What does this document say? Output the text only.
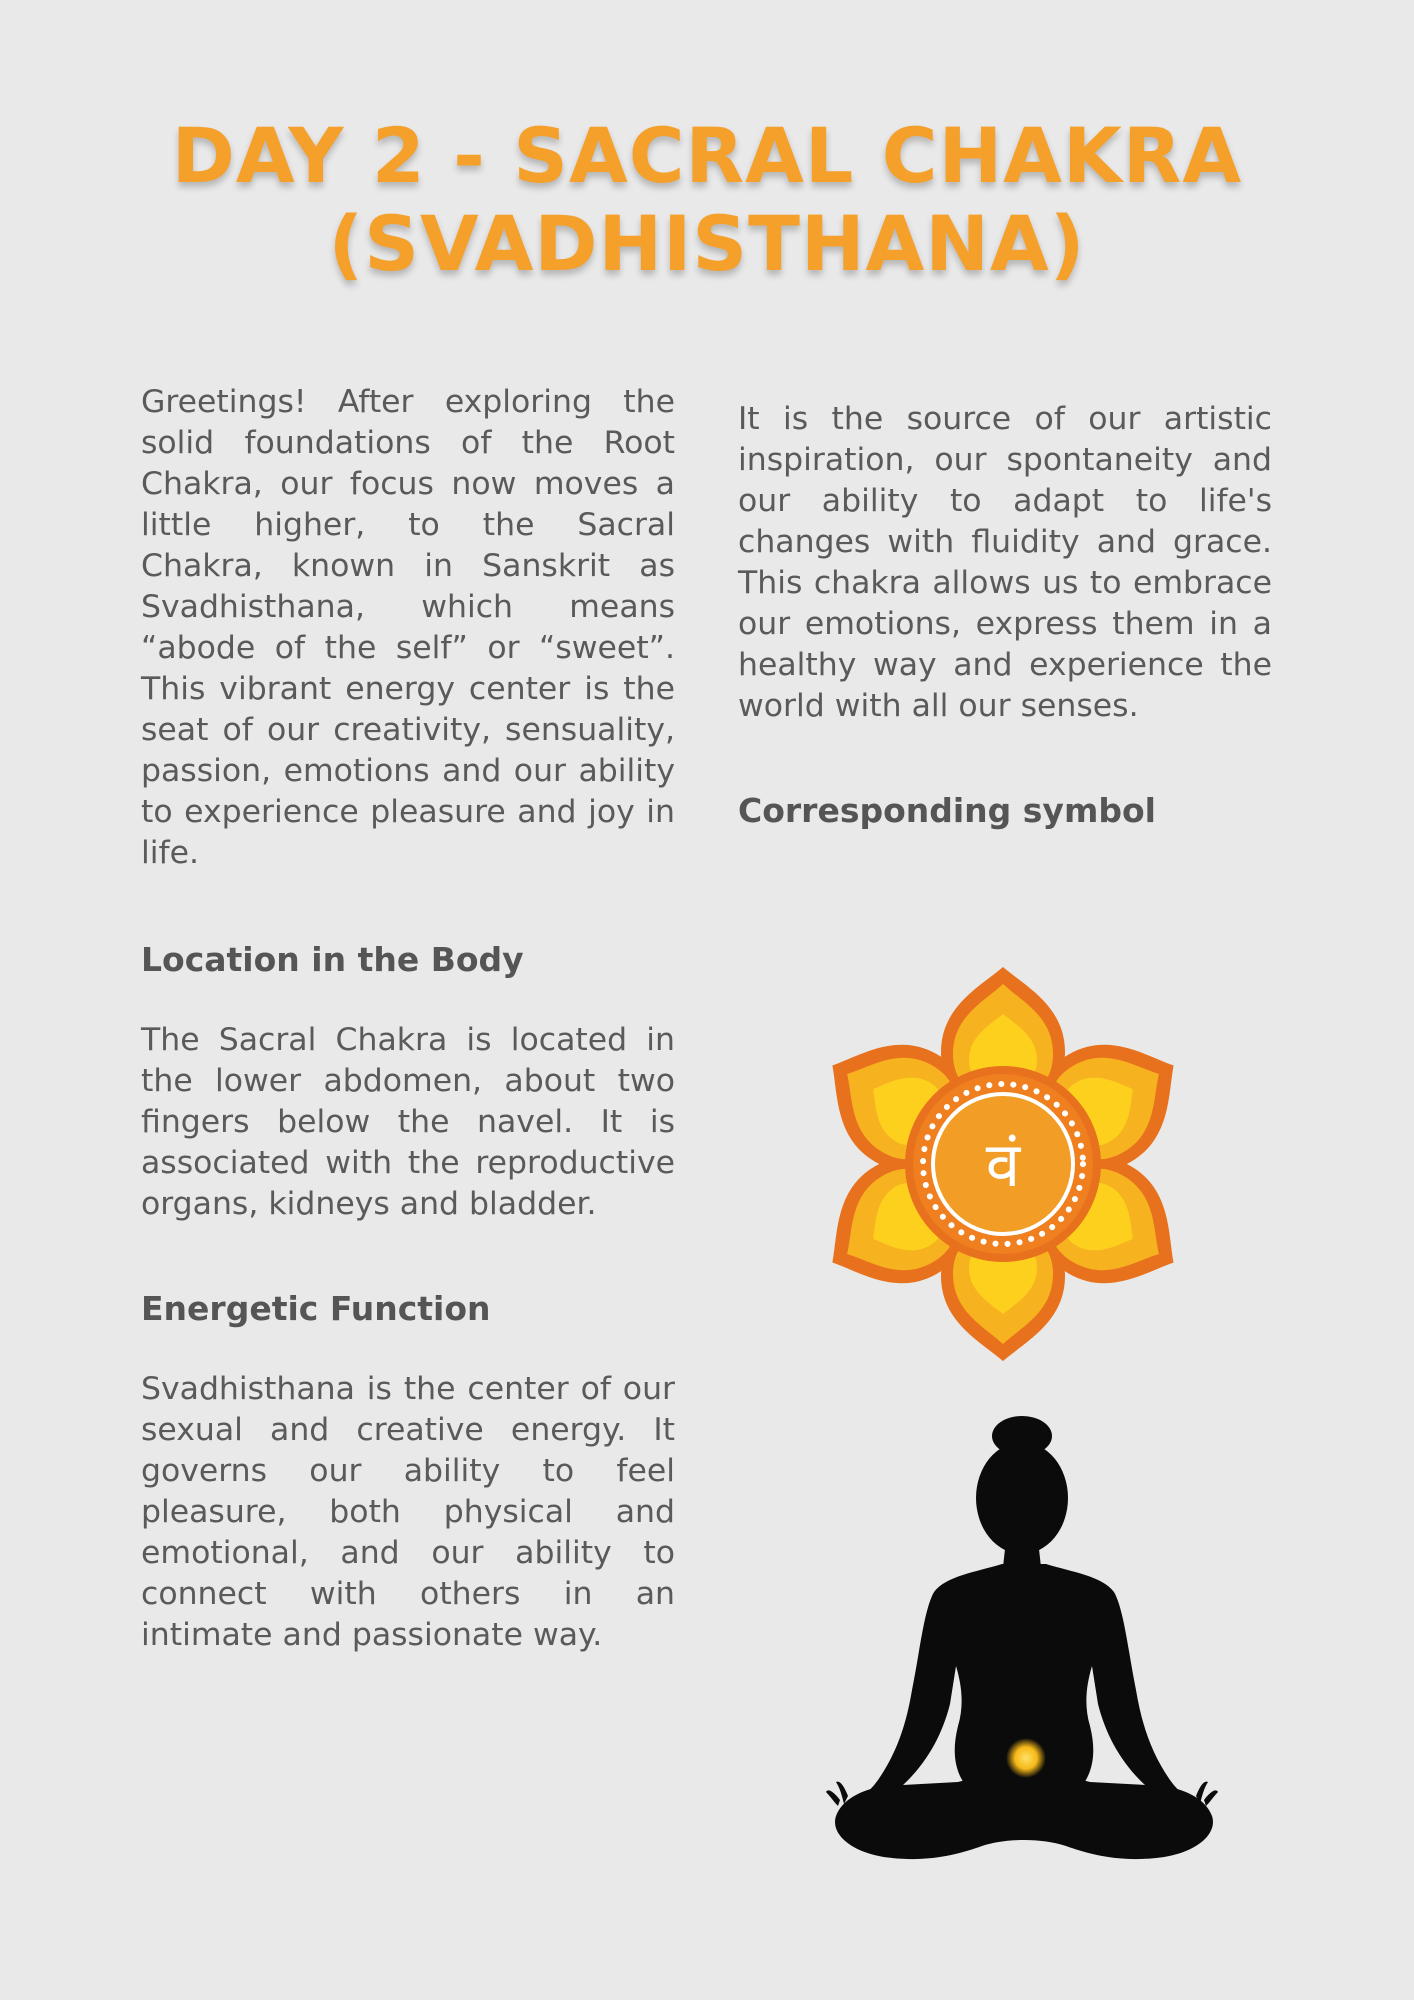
DAY 2 - SACRAL CHAKRA
(SVADHISTHANA)

Greetings! After exploring the solid foundations of the Root Chakra, our focus now moves a little higher, to the Sacral Chakra, known in Sanskrit as Svadhisthana, which means “abode of the self” or “sweet”. This vibrant energy center is the seat of our creativity, sensuality, passion, emotions and our ability to experience pleasure and joy in life.

Location in the Body

The Sacral Chakra is located in the lower abdomen, about two fingers below the navel. It is associated with the reproductive organs, kidneys and bladder.

Energetic Function

Svadhisthana is the center of our sexual and creative energy. It governs our ability to feel pleasure, both physical and emotional, and our ability to connect with others in an intimate and passionate way.

It is the source of our artistic inspiration, our spontaneity and our ability to adapt to life's changes with fluidity and grace. This chakra allows us to embrace our emotions, express them in a healthy way and experience the world with all our senses.

Corresponding symbol
वं
